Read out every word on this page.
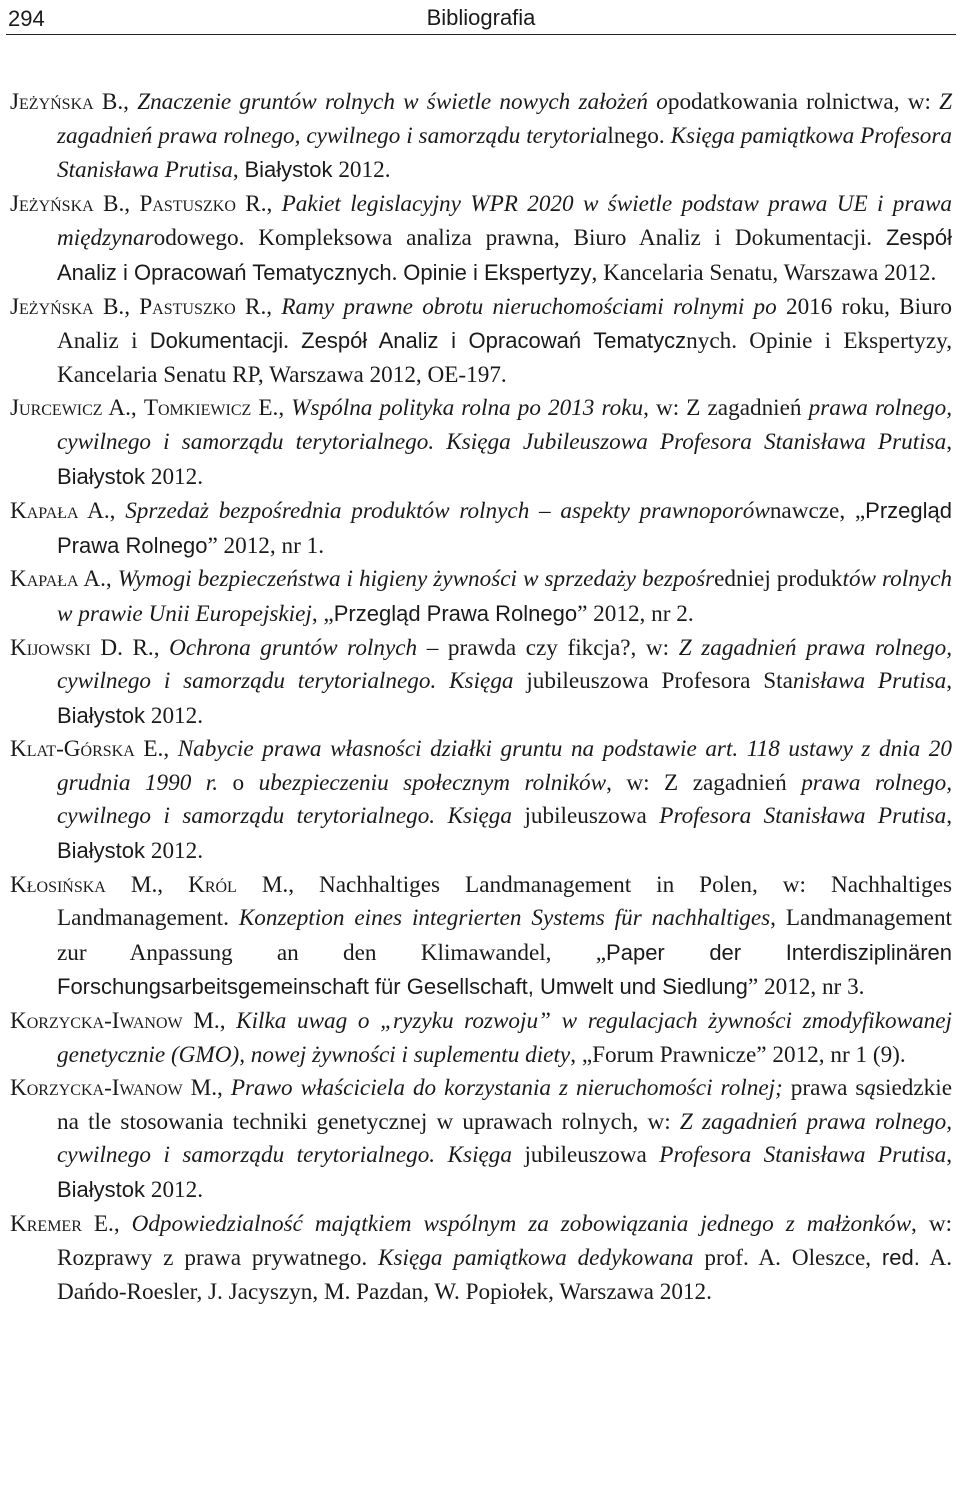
294	Bibliografia

Jeżyńska B., Znaczenie gruntów rolnych w świetle nowych założeń opodatkowania rolnictwa, w: Z zagadnień prawa rolnego, cywilnego i samorządu terytorialnego. Księga pamiątkowa Profesora Stanisława Prutisa, Białystok 2012.

Jeżyńska B., Pastuszko R., Pakiet legislacyjny WPR 2020 w świetle podstaw prawa UE i prawa międzynarodowego. Kompleksowa analiza prawna, Biuro Analiz i Dokumentacji. Zespół Analiz i Opracowań Tematycznych. Opinie i Ekspertyzy, Kancelaria Senatu, Warszawa 2012.

Jeżyńska B., Pastuszko R., Ramy prawne obrotu nieruchomościami rolnymi po 2016 roku, Biuro Analiz i Dokumentacji. Zespół Analiz i Opracowań Tematycznych. Opinie i Ekspertyzy, Kancelaria Senatu RP, Warszawa 2012, OE-197.

Jurcewicz A., Tomkiewicz E., Wspólna polityka rolna po 2013 roku, w: Z zagadnień prawa rolnego, cywilnego i samorządu terytorialnego. Księga Jubileuszowa Profesora Stanisława Prutisa, Białystok 2012.

Kapała A., Sprzedaż bezpośrednia produktów rolnych – aspekty prawnoporównawcze, „Przegląd Prawa Rolnego” 2012, nr 1.

Kapała A., Wymogi bezpieczeństwa i higieny żywności w sprzedaży bezpośredniej produktów rolnych w prawie Unii Europejskiej, „Przegląd Prawa Rolnego” 2012, nr 2.

Kijowski D. R., Ochrona gruntów rolnych – prawda czy fikcja?, w: Z zagadnień prawa rolnego, cywilnego i samorządu terytorialnego. Księga jubileuszowa Profesora Stanisława Prutisa, Białystok 2012.

Klat-Górska E., Nabycie prawa własności działki gruntu na podstawie art. 118 ustawy z dnia 20 grudnia 1990 r. o ubezpieczeniu społecznym rolników, w: Z zagadnień prawa rolnego, cywilnego i samorządu terytorialnego. Księga jubileuszowa Profesora Stanisława Prutisa, Białystok 2012.

Kłosińska M., Król M., Nachhaltiges Landmanagement in Polen, w: Nachhaltiges Landmanagement. Konzeption eines integrierten Systems für nachhaltiges, Landmanagement zur Anpassung an den Klimawandel, „Paper der Interdisziplinären Forschungsarbeitsgemeinschaft für Gesellschaft, Umwelt und Siedlung” 2012, nr 3.

Korzycka-Iwanow M., Kilka uwag o „ryzyku rozwoju” w regulacjach żywności zmodyfikowanej genetycznie (GMO), nowej żywności i suplementu diety, „Forum Prawnicze” 2012, nr 1 (9).

Korzycka-Iwanow M., Prawo właściciela do korzystania z nieruchomości rolnej; prawa sąsiedzkie na tle stosowania techniki genetycznej w uprawach rolnych, w: Z zagadnień prawa rolnego, cywilnego i samorządu terytorialnego. Księga jubileuszowa Profesora Stanisława Prutisa, Białystok 2012.

Kremer E., Odpowiedzialność majątkiem wspólnym za zobowiązania jednego z małżonków, w: Rozprawy z prawa prywatnego. Księga pamiątkowa dedykowana prof. A. Oleszce, red. A. Dańdo-Roesler, J. Jacyszyn, M. Pazdan, W. Popiołek, Warszawa 2012.
